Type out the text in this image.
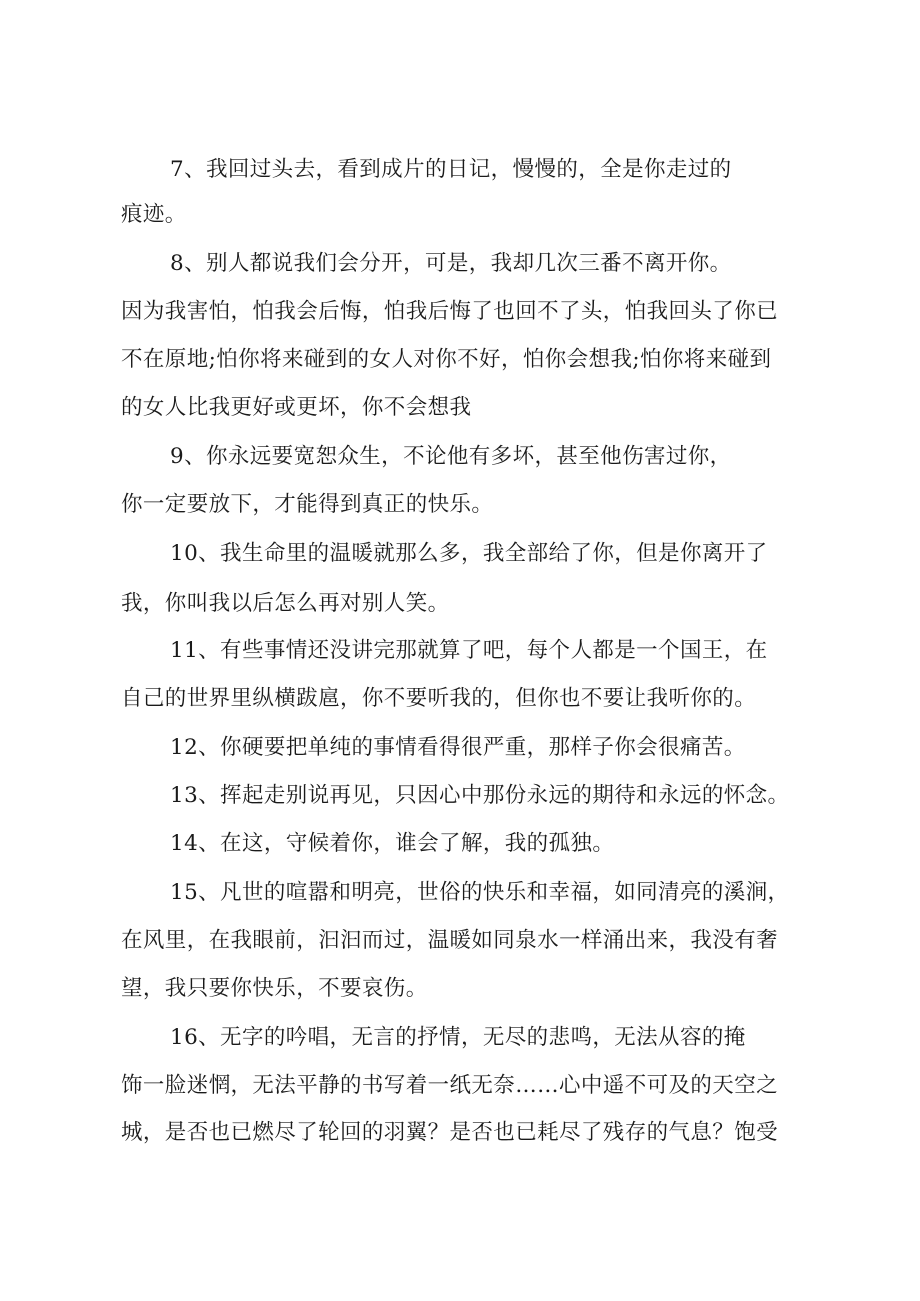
7、我回过头去，看到成片的日记，慢慢的，全是你走过的

痕迹。

8、别人都说我们会分开，可是，我却几次三番不离开你。

因为我害怕，怕我会后悔，怕我后悔了也回不了头，怕我回头了你已

不在原地;怕你将来碰到的女人对你不好，怕你会想我;怕你将来碰到

的女人比我更好或更坏，你不会想我

9、你永远要宽恕众生，不论他有多坏，甚至他伤害过你，

你一定要放下，才能得到真正的快乐。

10、我生命里的温暖就那么多，我全部给了你，但是你离开了

我，你叫我以后怎么再对别人笑。

11、有些事情还没讲完那就算了吧，每个人都是一个国王，在

自己的世界里纵横跋扈，你不要听我的，但你也不要让我听你的。

12、你硬要把单纯的事情看得很严重，那样子你会很痛苦。

13、挥起走别说再见，只因心中那份永远的期待和永远的怀念。

14、在这，守候着你，谁会了解，我的孤独。

15、凡世的喧嚣和明亮，世俗的快乐和幸福，如同清亮的溪涧，

在风里，在我眼前，汩汩而过，温暖如同泉水一样涌出来，我没有奢

望，我只要你快乐，不要哀伤。

16、无字的吟唱，无言的抒情，无尽的悲鸣，无法从容的掩

饰一脸迷惘，无法平静的书写着一纸无奈……心中遥不可及的天空之

城，是否也已燃尽了轮回的羽翼？是否也已耗尽了残存的气息？饱受
